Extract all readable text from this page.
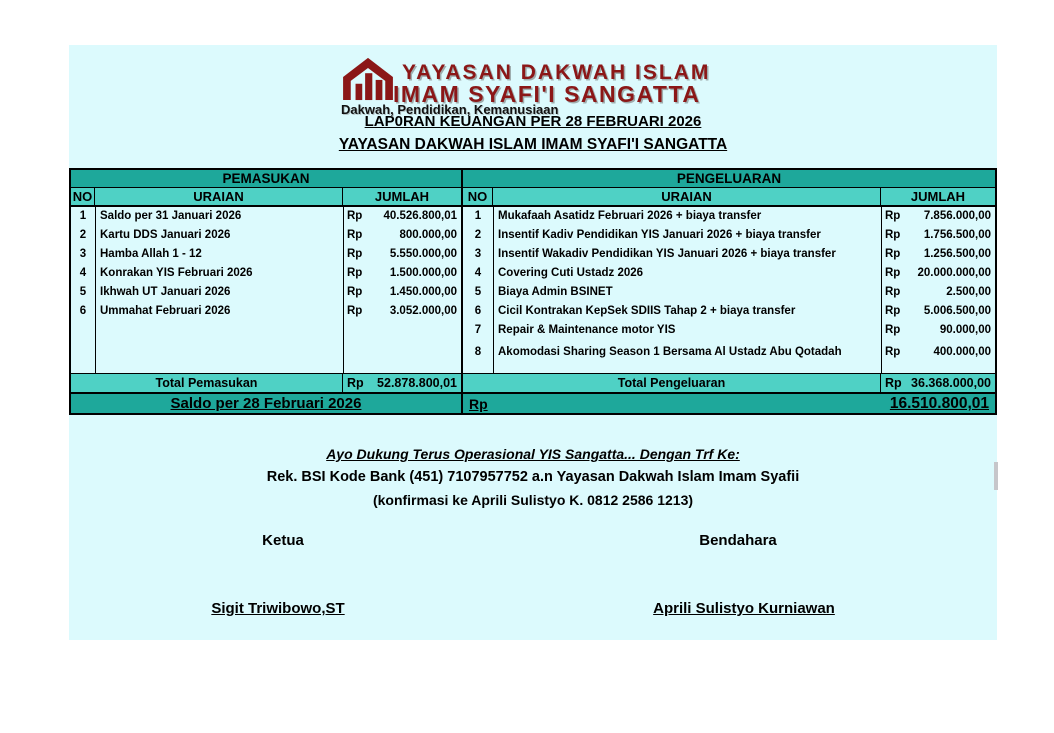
YAYASAN DAKWAH ISLAM
IMAM SYAFI'I SANGATTA
Dakwah, Pendidikan, Kemanusiaan
LAP0RAN KEUANGAN PER 28 FEBRUARI 2026
YAYASAN DAKWAH ISLAM IMAM SYAFI'I SANGATTA
PEMASUKAN
NO	URAIAN	JUMLAH
1	Saldo per 31 Januari 2026	Rp 40.526.800,01
2	Kartu DDS Januari 2026	Rp	800.000,00
3	Hamba Allah 1 - 12	Rp 5.550.000,00
4	Konrakan YIS Februari 2026	Rp 1.500.000,00
5	Ikhwah UT Januari 2026	Rp 1.450.000,00
6	Ummahat Februari 2026	Rp 3.052.000,00
Total Pemasukan	Rp 52.878.800,01
Saldo per 28 Februari 2026
PENGELUARAN
NO	URAIAN	JUMLAH
1	Mukafaah Asatidz Februari 2026 + biaya transfer	Rp 7.856.000,00
2	Insentif Kadiv Pendidikan YIS Januari 2026 + biaya transfer	Rp 1.756.500,00
3	Insentif Wakadiv Pendidikan YIS Januari 2026 + biaya transfer	Rp 1.256.500,00
4	Covering Cuti Ustadz 2026	Rp 20.000.000,00
5	Biaya Admin BSINET	Rp	2.500,00
6	Cicil Kontrakan KepSek SDIIS Tahap 2 + biaya transfer	Rp 5.006.500,00
7	Repair & Maintenance motor YIS	Rp	90.000,00
8	Akomodasi Sharing Season 1 Bersama Al Ustadz Abu Qotadah	Rp	400.000,00
Total Pengeluaran	Rp 36.368.000,00
Rp	16.510.800,01
Ayo Dukung Terus Operasional YIS Sangatta... Dengan Trf Ke:
Rek. BSI Kode Bank (451) 7107957752 a.n Yayasan Dakwah Islam Imam Syafii
(konfirmasi ke Aprili Sulistyo K. 0812 2586 1213)
Ketua	Bendahara
Sigit Triwibowo,ST	Aprili Sulistyo Kurniawan
